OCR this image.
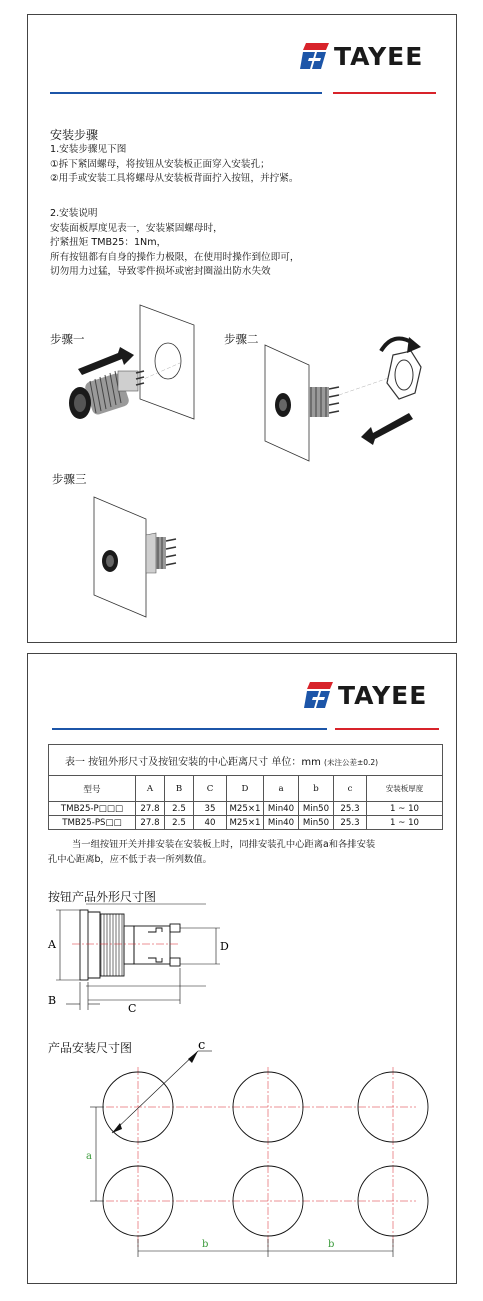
TAYEE
安装步骤
1.安装步骤见下图
①拆下紧固螺母，将按钮从安装板正面穿入安装孔；
②用手或安装工具将螺母从安装板背面拧入按钮，并拧紧。
2.安装说明
安装面板厚度见表一，安装紧固螺母时，
拧紧扭矩 TMB25：1Nm，
所有按钮都有自身的操作力极限，在使用时操作到位即可，
切勿用力过猛，导致零件损坏或密封圈溢出防水失效
步骤一	步骤二
步骤三
TAYEE
表一 按钮外形尺寸及按钮安装的中心距离尺寸 单位：mm (未注公差±0.2)								
型号	A	B	C	D	a	b	c	安装板厚度
TMB25-P□□□	27.8	2.5	35	M25×1	Min40	Min50	25.3	1 ~ 10
TMB25-PS□□	27.8	2.5	40	M25×1	Min40	Min50	25.3	1 ~ 10
当一组按钮开关并排安装在安装板上时，同排安装孔中心距离a和各排安装
孔中心距离b，应不低于表一所列数值。
按钮产品外形尺寸图
A	D
B
C
产品安装尺寸图	c
a
b	b
